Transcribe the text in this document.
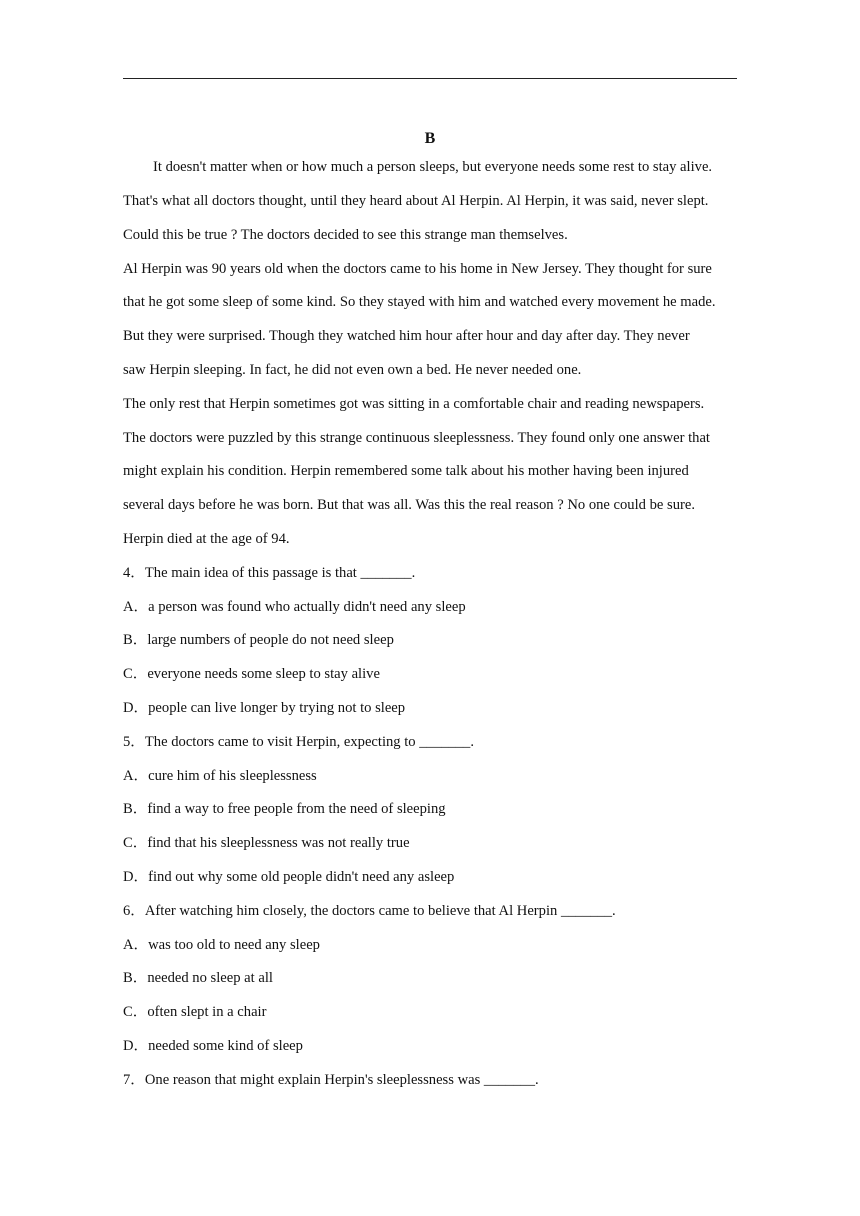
B
It doesn't matter when or how much a person sleeps, but everyone needs some rest to stay alive.
That's what all doctors thought, until they heard about Al Herpin. Al Herpin, it was said, never slept.
Could this be true ? The doctors decided to see this strange man themselves.
Al Herpin was 90 years old when the doctors came to his home in New Jersey. They thought for sure
that he got some sleep of some kind. So they stayed with him and watched every movement he made.
But they were surprised. Though they watched him hour after hour and day after day. They never
saw Herpin sleeping. In fact, he did not even own a bed. He never needed one.
The only rest that Herpin sometimes got was sitting in a comfortable chair and reading newspapers.
The doctors were puzzled by this strange continuous sleeplessness. They found only one answer that
might explain his condition. Herpin remembered some talk about his mother having been injured
several days before he was born. But that was all. Was this the real reason ? No one could be sure.
Herpin died at the age of 94.
4．The main idea of this passage is that _______.
A．a person was found who actually didn't need any sleep
B．large numbers of people do not need sleep
C．everyone needs some sleep to stay alive
D．people can live longer by trying not to sleep
5．The doctors came to visit Herpin, expecting to _______.
A．cure him of his sleeplessness
B．find a way to free people from the need of sleeping
C．find that his sleeplessness was not really true
D．find out why some old people didn't need any asleep
6．After watching him closely, the doctors came to believe that Al Herpin _______.
A．was too old to need any sleep
B．needed no sleep at all
C．often slept in a chair
D．needed some kind of sleep
7．One reason that might explain Herpin's sleeplessness was _______.
